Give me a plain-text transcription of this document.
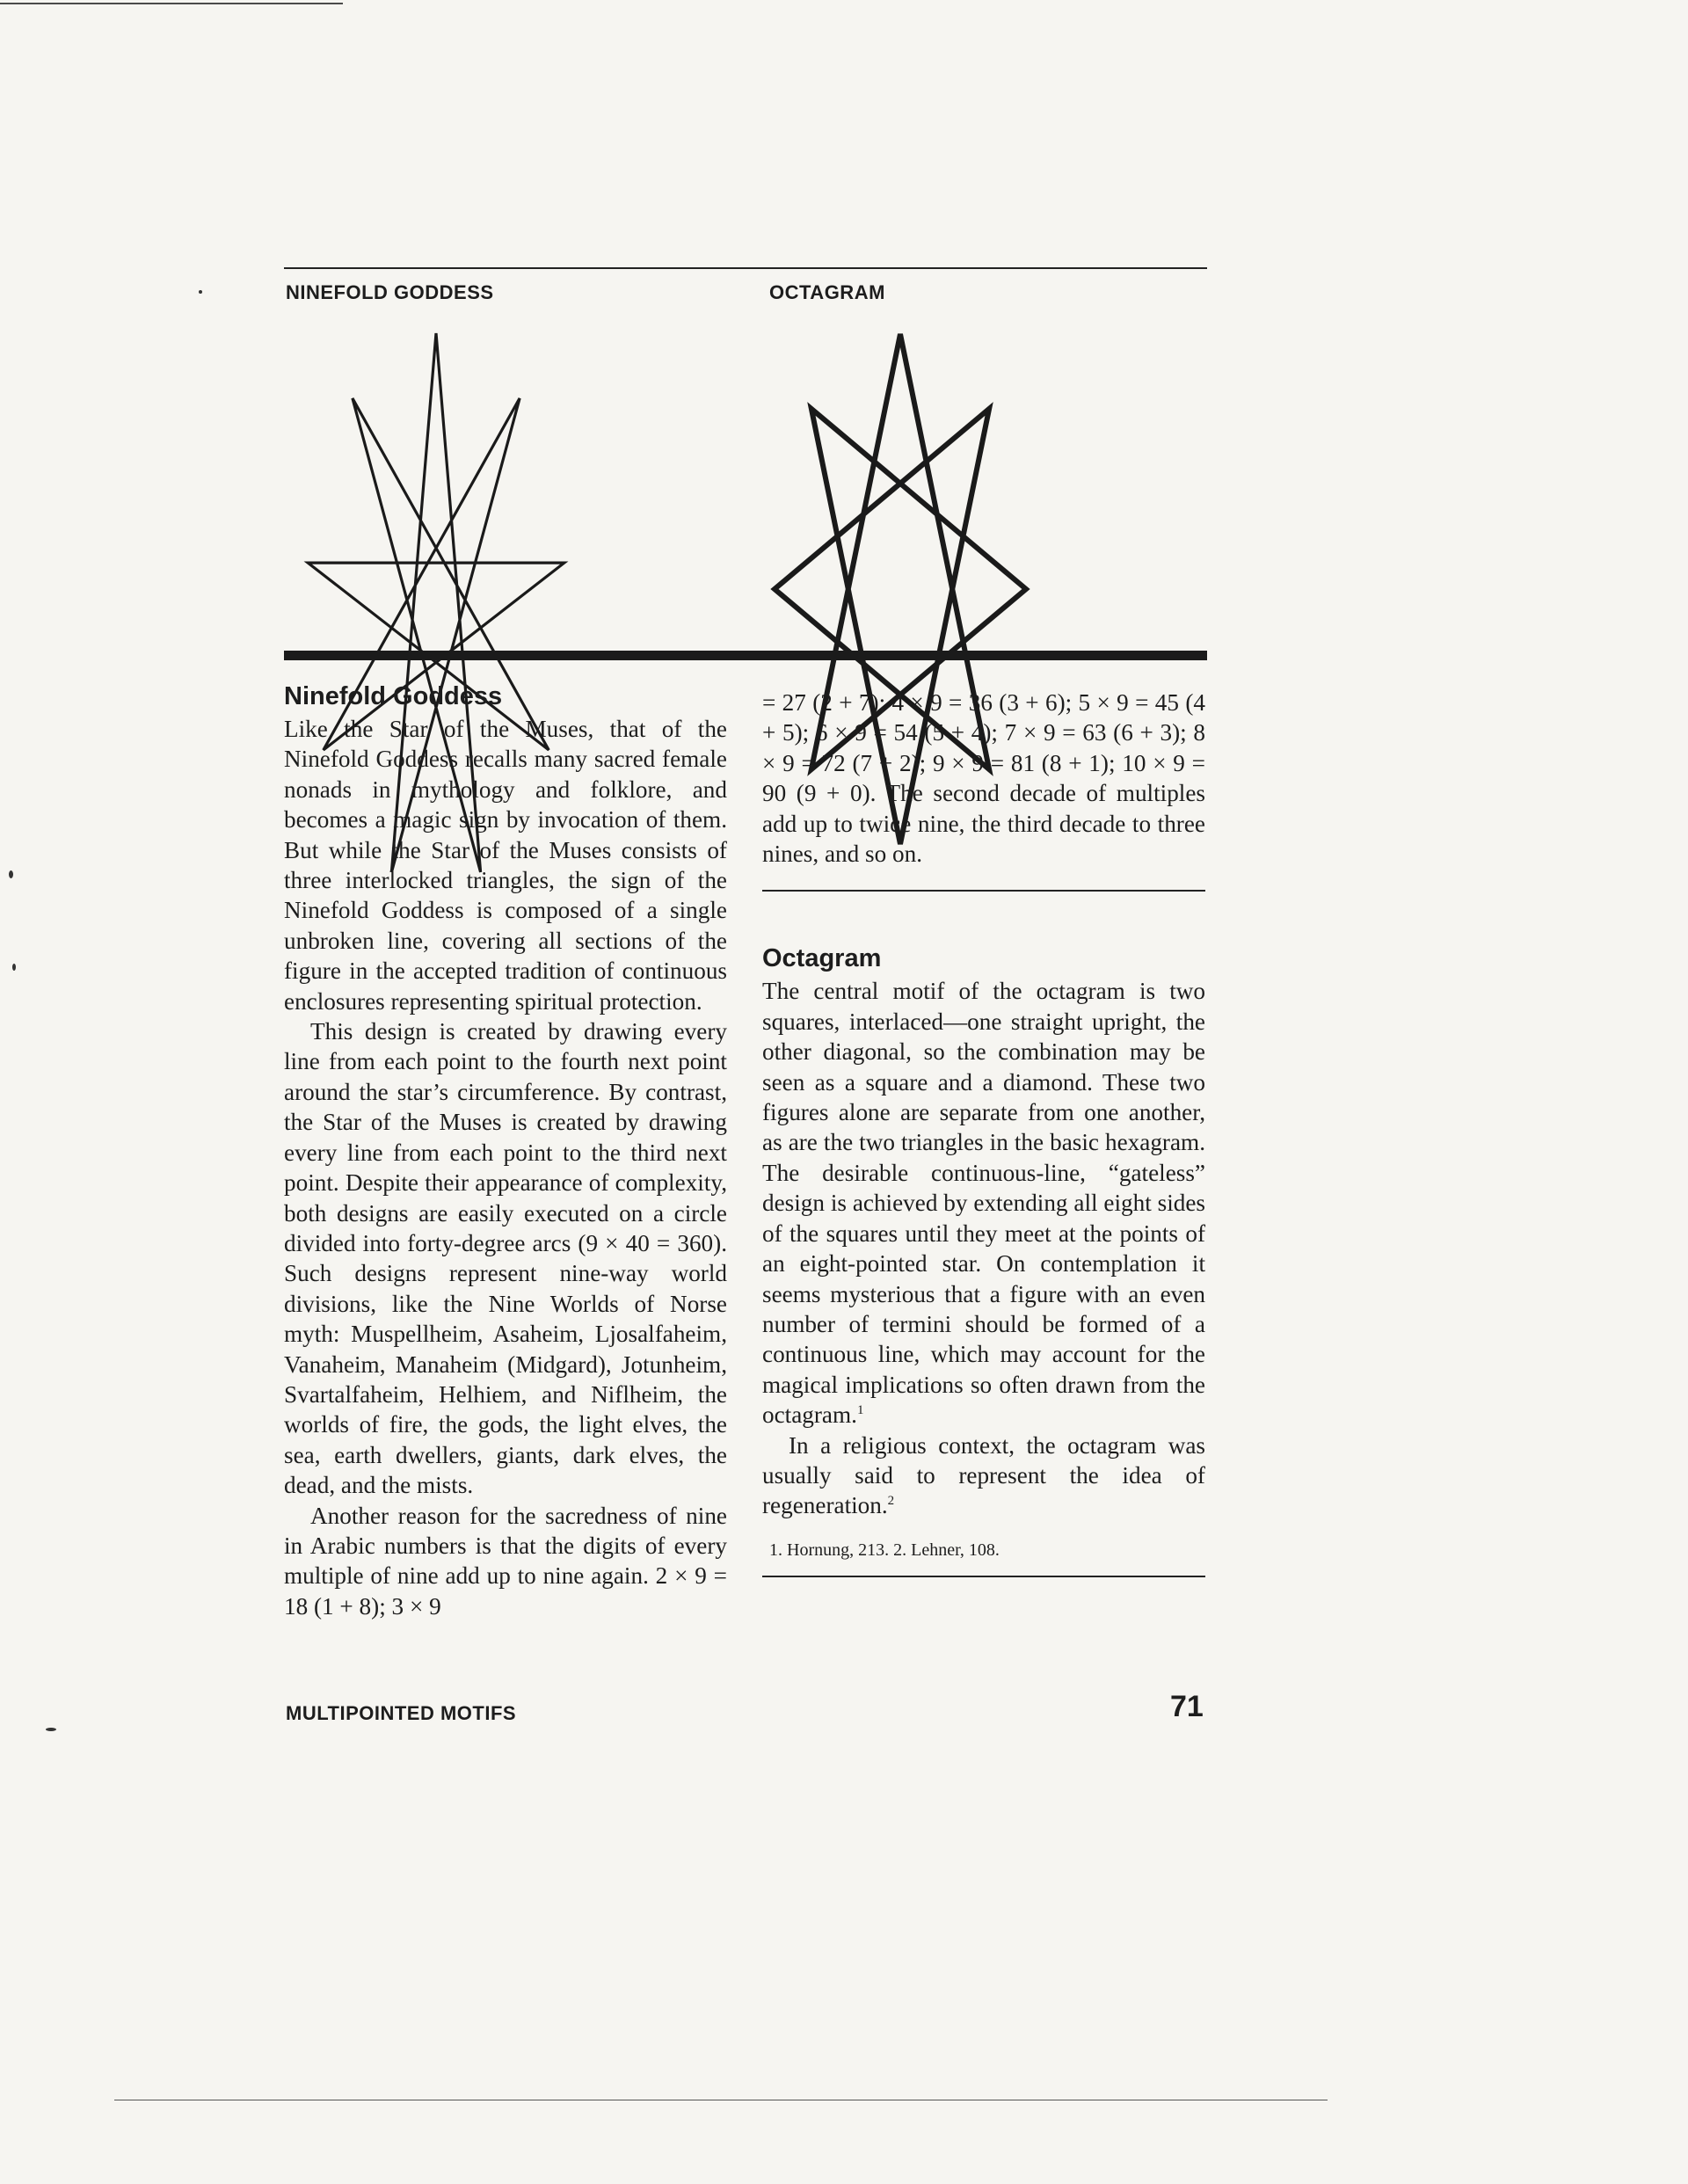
NINEFOLD GODDESS	OCTAGRAM
Ninefold Goddess

Like the Star of the Muses, that of the Ninefold Goddess recalls many sacred female nonads in mythology and folklore, and becomes a magic sign by invocation of them. But while the Star of the Muses consists of three interlocked triangles, the sign of the Ninefold Goddess is composed of a single unbroken line, covering all sections of the figure in the accepted tradition of continuous enclosures representing spiritual protection.

This design is created by drawing every line from each point to the fourth next point around the star’s circumference. By contrast, the Star of the Muses is created by drawing every line from each point to the third next point. Despite their appearance of complexity, both designs are easily executed on a circle divided into forty-degree arcs (9 × 40 = 360). Such designs represent nine-way world divisions, like the Nine Worlds of Norse myth: Muspellheim, Asaheim, Ljosalfaheim, Vanaheim, Manaheim (Midgard), Jotunheim, Svartalfaheim, Helhiem, and Niflheim, the worlds of fire, the gods, the light elves, the sea, earth dwellers, giants, dark elves, the dead, and the mists.

Another reason for the sacredness of nine in Arabic numbers is that the digits of every multiple of nine add up to nine again. 2 × 9 = 18 (1 + 8); 3 × 9

= 27 (2 + 7); 4 × 9 = 36 (3 + 6); 5 × 9 = 45 (4 + 5); 6 × 9 = 54 (5 + 4); 7 × 9 = 63 (6 + 3); 8 × 9 = 72 (7 + 2); 9 × 9 = 81 (8 + 1); 10 × 9 = 90 (9 + 0). The second decade of multiples add up to twice nine, the third decade to three nines, and so on.

Octagram

The central motif of the octagram is two squares, interlaced—one straight upright, the other diagonal, so the combination may be seen as a square and a diamond. These two figures alone are separate from one another, as are the two triangles in the basic hexagram. The desirable continuous-line, “gateless” design is achieved by extending all eight sides of the squares until they meet at the points of an eight-pointed star. On contemplation it seems mysterious that a figure with an even number of termini should be formed of a continuous line, which may account for the magical implications so often drawn from the octagram.$^1$

In a religious context, the octagram was usually said to represent the idea of regeneration.$^2$

1. Hornung, 213. 2. Lehner, 108.
MULTIPOINTED MOTIFS	71
